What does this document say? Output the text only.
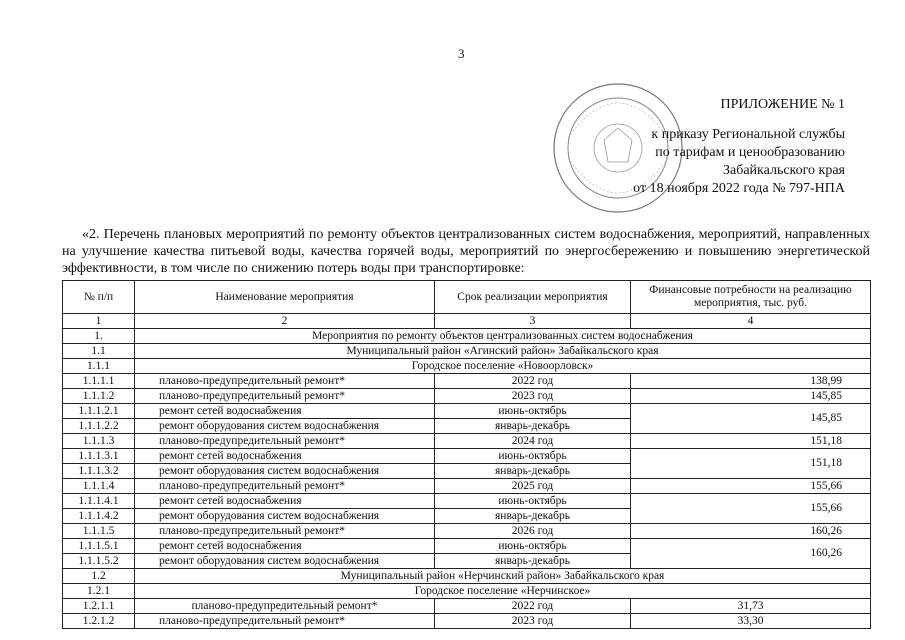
3
ПРИЛОЖЕНИЕ № 1
к приказу Региональной службы
по тарифам и ценообразованию
Забайкальского края
от 18 ноября 2022 года № 797-НПА
«2. Перечень плановых мероприятий по ремонту объектов централизованных систем водоснабжения, мероприятий, направленных на улучшение качества питьевой воды, качества горячей воды, мероприятий по энергосбережению и повышению энергетической эффективности, в том числе по снижению потерь воды при транспортировке:
№ п/п	Наименование мероприятия	Срок реализации мероприятия	Финансовые потребности на реализацию мероприятия, тыс. руб.
1	2	3	4
1.	Мероприятия по ремонту объектов централизованных систем водоснабжения		
1.1	Муниципальный район «Агинский район» Забайкальского края		
1.1.1	Городское поселение «Новоорловск»		
1.1.1.1	планово-предупредительный ремонт*	2022 год	138,99
1.1.1.2	планово-предупредительный ремонт*	2023 год	145,85
1.1.1.2.1	ремонт сетей водоснабжения	июнь-октябрь	145,85
1.1.1.2.2	ремонт оборудования систем водоснабжения	январь-декабрь	
1.1.1.3	планово-предупредительный ремонт*	2024 год	151,18
1.1.1.3.1	ремонт сетей водоснабжения	июнь-октябрь	151,18
1.1.1.3.2	ремонт оборудования систем водоснабжения	январь-декабрь	
1.1.1.4	планово-предупредительный ремонт*	2025 год	155,66
1.1.1.4.1	ремонт сетей водоснабжения	июнь-октябрь	155,66
1.1.1.4.2	ремонт оборудования систем водоснабжения	январь-декабрь	
1.1.1.5	планово-предупредительный ремонт*	2026 год	160,26
1.1.1.5.1	ремонт сетей водоснабжения	июнь-октябрь	160,26
1.1.1.5.2	ремонт оборудования систем водоснабжения	январь-декабрь	
1.2	Муниципальный район «Нерчинский район» Забайкальского края		
1.2.1	Городское поселение «Нерчинское»		
1.2.1.1	планово-предупредительный ремонт*	2022 год	31,73
1.2.1.2	планово-предупредительный ремонт*	2023 год	33,30
